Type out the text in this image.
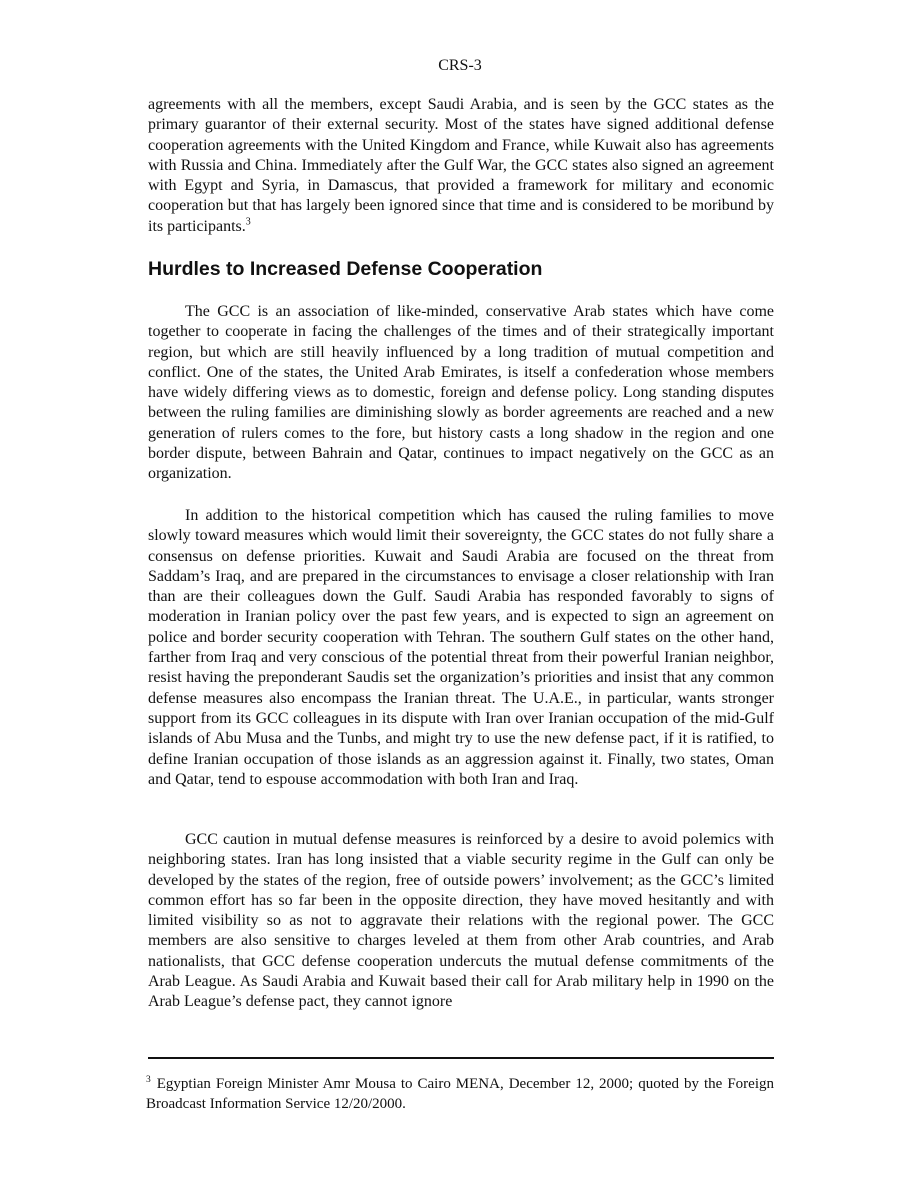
CRS-3

agreements with all the members, except Saudi Arabia, and is seen by the GCC states as the primary guarantor of their external security. Most of the states have signed additional defense cooperation agreements with the United Kingdom and France, while Kuwait also has agreements with Russia and China. Immediately after the Gulf War, the GCC states also signed an agreement with Egypt and Syria, in Damascus, that provided a framework for military and economic cooperation but that has largely been ignored since that time and is considered to be moribund by its participants.$^3$

Hurdles to Increased Defense Cooperation

The GCC is an association of like-minded, conservative Arab states which have come together to cooperate in facing the challenges of the times and of their strategically important region, but which are still heavily influenced by a long tradition of mutual competition and conflict. One of the states, the United Arab Emirates, is itself a confederation whose members have widely differing views as to domestic, foreign and defense policy. Long standing disputes between the ruling families are diminishing slowly as border agreements are reached and a new generation of rulers comes to the fore, but history casts a long shadow in the region and one border dispute, between Bahrain and Qatar, continues to impact negatively on the GCC as an organization.

In addition to the historical competition which has caused the ruling families to move slowly toward measures which would limit their sovereignty, the GCC states do not fully share a consensus on defense priorities. Kuwait and Saudi Arabia are focused on the threat from Saddam’s Iraq, and are prepared in the circumstances to envisage a closer relationship with Iran than are their colleagues down the Gulf. Saudi Arabia has responded favorably to signs of moderation in Iranian policy over the past few years, and is expected to sign an agreement on police and border security cooperation with Tehran. The southern Gulf states on the other hand, farther from Iraq and very conscious of the potential threat from their powerful Iranian neighbor, resist having the preponderant Saudis set the organization’s priorities and insist that any common defense measures also encompass the Iranian threat. The U.A.E., in particular, wants stronger support from its GCC colleagues in its dispute with Iran over Iranian occupation of the mid-Gulf islands of Abu Musa and the Tunbs, and might try to use the new defense pact, if it is ratified, to define Iranian occupation of those islands as an aggression against it. Finally, two states, Oman and Qatar, tend to espouse accommodation with both Iran and Iraq.

GCC caution in mutual defense measures is reinforced by a desire to avoid polemics with neighboring states. Iran has long insisted that a viable security regime in the Gulf can only be developed by the states of the region, free of outside powers’ involvement; as the GCC’s limited common effort has so far been in the opposite direction, they have moved hesitantly and with limited visibility so as not to aggravate their relations with the regional power. The GCC members are also sensitive to charges leveled at them from other Arab countries, and Arab nationalists, that GCC defense cooperation undercuts the mutual defense commitments of the Arab League. As Saudi Arabia and Kuwait based their call for Arab military help in 1990 on the Arab League’s defense pact, they cannot ignore

$^3$ Egyptian Foreign Minister Amr Mousa to Cairo MENA, December 12, 2000; quoted by the Foreign Broadcast Information Service 12/20/2000.
